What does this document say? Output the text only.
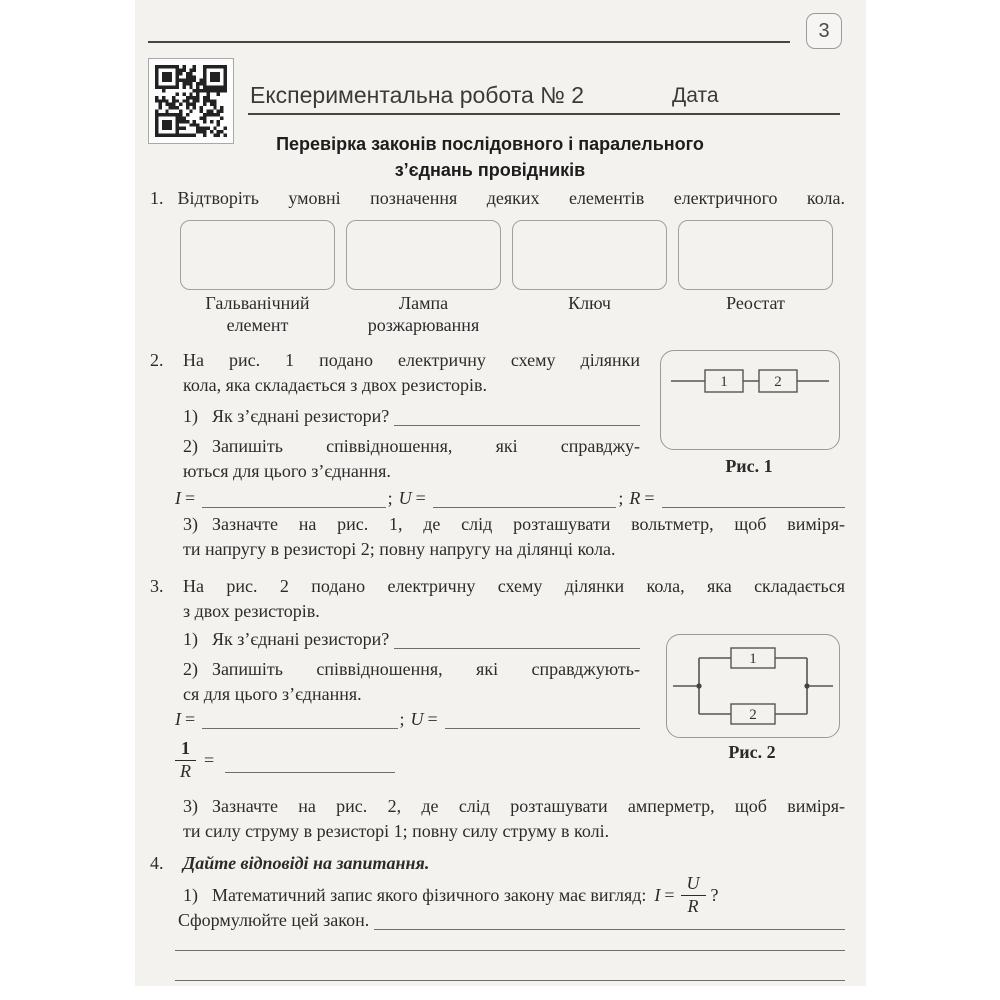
3
Експериментальна робота № 2	Дата
Перевірка законів послідовного і паралельного
з’єднань провідників
1. Відтворіть умовні позначення деяких елементів електричного кола.
Гальванічний
елемент
Лампа
розжарювання
Ключ	Реостат
2. На рис. 1 подано електричну схему ділянки
кола, яка складається з двох резисторів.
1) Як з’єднані резистори?
2) Запишіть співвідношення, які справджу-
ються для цього з’єднання.
1	2
Рис. 1
I =	; U =	; R =
3) Зазначте на рис. 1, де слід розташувати вольтметр, щоб виміря-
ти напругу в резисторі 2; повну напругу на ділянці кола.
3. На рис. 2 подано електричну схему ділянки кола, яка складається
з двох резисторів.
1) Як з’єднані резистори?
2) Запишіть співвідношення, які справджують-
ся для цього з’єднання.
1
2
Рис. 2
I =	; U =
$\frac{1}{R}$ =
3) Зазначте на рис. 2, де слід розташувати амперметр, щоб виміря-
ти силу струму в резисторі 1; повну силу струму в колі.
4. Дайте відповіді на запитання.
1) Математичний запис якого фізичного закону має вигляд: $I = \frac{U}{R}$ ?
Сформулюйте цей закон.
